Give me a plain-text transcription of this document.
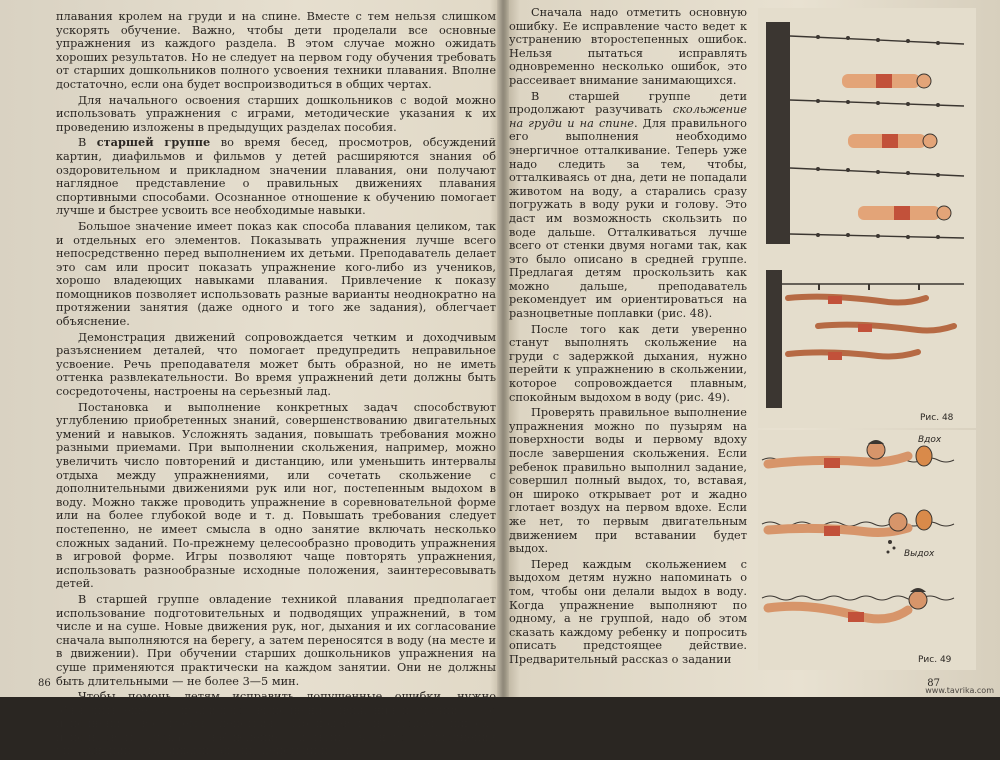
плавания кролем на груди и на спине. Вместе с тем нельзя слишком ускорять обучение. Важно, чтобы дети проделали все основные упражнения из каждого раздела. В этом случае можно ожидать хороших результатов. Но не следует на первом году обучения требовать от старших дошкольников полного усвоения техники плавания. Вполне достаточно, если она будет воспроизводиться в общих чертах.

Для начального освоения старших дошкольников с водой можно использовать упражнения с играми, методические указания к их проведению изложены в предыдущих разделах пособия.

В старшей группе во время бесед, просмотров, обсуждений картин, диафильмов и фильмов у детей расширяются знания об оздоровительном и прикладном значении плавания, они получают наглядное представление о правильных движениях плавания спортивными способами. Осознанное отношение к обучению помогает лучше и быстрее усвоить все необходимые навыки.

Большое значение имеет показ как способа плавания целиком, так и отдельных его элементов. Показывать упражнения лучше всего непосредственно перед выполнением их детьми. Преподаватель делает это сам или просит показать упражнение кого-либо из учеников, хорошо владеющих навыками плавания. Привлечение к показу помощников позволяет использовать разные варианты неоднократно на протяжении занятия (даже одного и того же задания), облегчает объяснение.

Демонстрация движений сопровождается четким и доходчивым разъяснением деталей, что помогает предупредить неправильное усвоение. Речь преподавателя может быть образной, но не иметь оттенка развлекательности. Во время упражнений дети должны быть сосредоточены, настроены на серьезный лад.

Постановка и выполнение конкретных задач способствуют углублению приобретенных знаний, совершенствованию двигательных умений и навыков. Усложнять задания, повышать требования можно разными приемами. При выполнении скольжения, например, можно увеличить число повторений и дистанцию, или уменьшить интервалы отдыха между упражнениями, или сочетать скольжение с дополнительными движениями рук или ног, постепенным выдохом в воду. Можно также проводить упражнение в соревновательной форме или на более глубокой воде и т. д. Повышать требования следует постепенно, не имеет смысла в одно занятие включать несколько сложных заданий. По-прежнему целесообразно проводить упражнения в игровой форме. Игры позволяют чаще повторять упражнения, использовать разнообразные исходные положения, заинтересовывать детей.

В старшей группе овладение техникой плавания предполагает использование подготовительных и подводящих упражнений, в том числе и на суше. Новые движения рук, ног, дыхания и их согласование сначала выполняются на берегу, а затем переносятся в воду (на месте и в движении). При обучении старших дошкольников упражнения на суше применяются практически на каждом занятии. Они не должны быть длительными — не более 3—5 мин.

Чтобы помочь детям исправить допущенные ошибки, нужно объяснить еще раз правильное выполнение движения и уточнить его исполнение во время действия. Преподаватель может широко использовать показ, наблюдение детьми верного выполнения упражнений товарищами, анализ действий и т. п.

86

Сначала надо отметить основную ошибку. Ее исправление часто ведет к устранению второстепенных ошибок. Нельзя пытаться исправлять одновременно несколько ошибок, это рассеивает внимание занимающихся.

В старшей группе дети продолжают разучивать скольжение на груди и на спине. Для правильного его выполнения необходимо энергичное отталкивание. Теперь уже надо следить за тем, чтобы, отталкиваясь от дна, дети не попадали животом на воду, а старались сразу погружать в воду руки и голову. Это даст им возможность скользить по воде дальше. Отталкиваться лучше всего от стенки двумя ногами так, как это было описано в средней группе. Предлагая детям проскользить как можно дальше, преподаватель рекомендует им ориентироваться на разноцветные поплавки (рис. 48).

После того как дети уверенно станут выполнять скольжение на груди с задержкой дыхания, нужно перейти к упражнению в скольжении, которое сопровождается плавным, спокойным выдохом в воду (рис. 49).

Проверять правильное выполнение упражнения можно по пузырям на поверхности воды и первому вдоху после завершения скольжения. Если ребенок правильно выполнил задание, совершил полный выдох, то, вставая, он широко открывает рот и жадно глотает воздух на первом вдохе. Если же нет, то первым двигательным движением при вставании будет выдох.

Перед каждым скольжением с выдохом детям нужно напоминать о том, чтобы они делали выдох в воду. Когда упражнение выполняют по одному, а не группой, надо об этом сказать каждому ребенку и попросить описать предстоящее действие. Предварительный рассказ о задании

Рис. 48
Вдох
Выдох
Рис. 49
87
www.tavrika.com
